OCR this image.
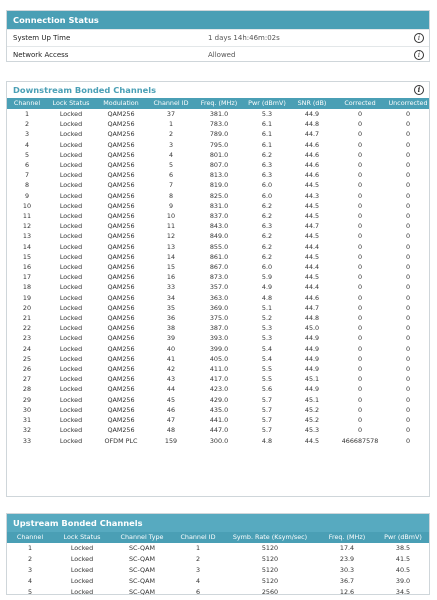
Connection Status
System Up Time	1 days 14h:46m:02s	i
Network Access	Allowed	i
Downstream Bonded Channels	i
Channel	Lock Status	Modulation	Channel ID	Freq. (MHz)	Pwr (dBmV)	SNR (dB)	Corrected	Uncorrected
1	Locked	QAM256	37	381.0	5.3	44.9	0	0
2	Locked	QAM256	1	783.0	6.1	44.8	0	0
3	Locked	QAM256	2	789.0	6.1	44.7	0	0
4	Locked	QAM256	3	795.0	6.1	44.6	0	0
5	Locked	QAM256	4	801.0	6.2	44.6	0	0
6	Locked	QAM256	5	807.0	6.3	44.6	0	0
7	Locked	QAM256	6	813.0	6.3	44.6	0	0
8	Locked	QAM256	7	819.0	6.0	44.5	0	0
9	Locked	QAM256	8	825.0	6.0	44.3	0	0
10	Locked	QAM256	9	831.0	6.2	44.5	0	0
11	Locked	QAM256	10	837.0	6.2	44.5	0	0
12	Locked	QAM256	11	843.0	6.3	44.7	0	0
13	Locked	QAM256	12	849.0	6.2	44.5	0	0
14	Locked	QAM256	13	855.0	6.2	44.4	0	0
15	Locked	QAM256	14	861.0	6.2	44.5	0	0
16	Locked	QAM256	15	867.0	6.0	44.4	0	0
17	Locked	QAM256	16	873.0	5.9	44.5	0	0
18	Locked	QAM256	33	357.0	4.9	44.4	0	0
19	Locked	QAM256	34	363.0	4.8	44.6	0	0
20	Locked	QAM256	35	369.0	5.1	44.7	0	0
21	Locked	QAM256	36	375.0	5.2	44.8	0	0
22	Locked	QAM256	38	387.0	5.3	45.0	0	0
23	Locked	QAM256	39	393.0	5.3	44.9	0	0
24	Locked	QAM256	40	399.0	5.4	44.9	0	0
25	Locked	QAM256	41	405.0	5.4	44.9	0	0
26	Locked	QAM256	42	411.0	5.5	44.9	0	0
27	Locked	QAM256	43	417.0	5.5	45.1	0	0
28	Locked	QAM256	44	423.0	5.6	44.9	0	0
29	Locked	QAM256	45	429.0	5.7	45.1	0	0
30	Locked	QAM256	46	435.0	5.7	45.2	0	0
31	Locked	QAM256	47	441.0	5.7	45.2	0	0
32	Locked	QAM256	48	447.0	5.7	45.3	0	0
33	Locked	OFDM PLC	159	300.0	4.8	44.5	466687578	0
Upstream Bonded Channels
Channel	Lock Status	Channel Type	Channel ID	Symb. Rate (Ksym/sec)	Freq. (MHz)	Pwr (dBmV)
1	Locked	SC-QAM	1	5120	17.4	38.5
2	Locked	SC-QAM	2	5120	23.9	41.5
3	Locked	SC-QAM	3	5120	30.3	40.5
4	Locked	SC-QAM	4	5120	36.7	39.0
5	Locked	SC-QAM	6	2560	12.6	34.5
